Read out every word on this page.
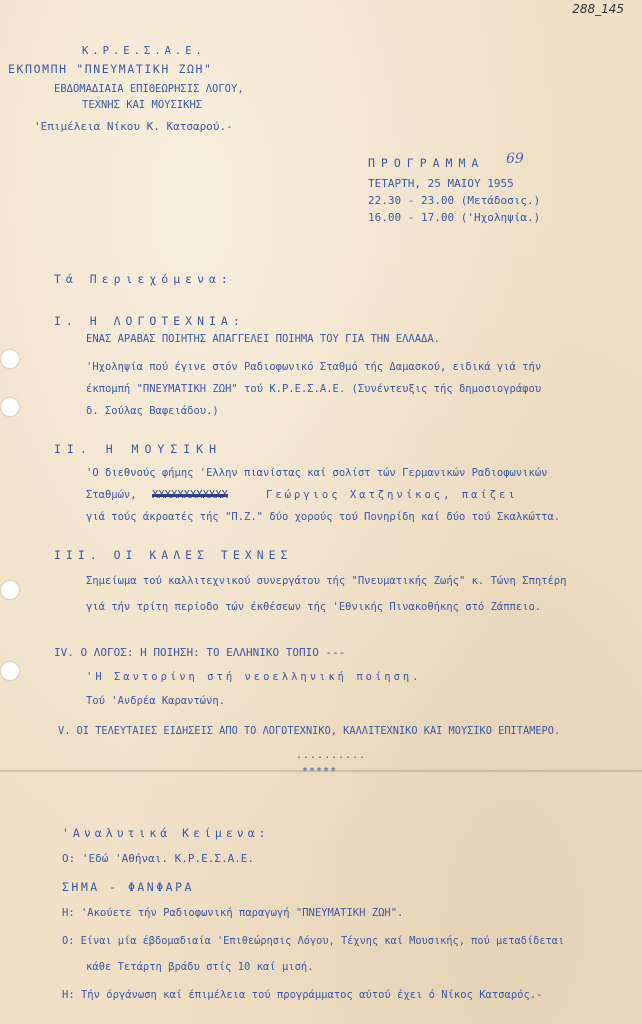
288_145
Κ.Ρ.Ε.Σ.Α.Ε.
ΕΚΠΟΜΠΗ "ΠΝΕΥΜΑΤΙΚΗ ΖΩΗ"
ΕΒΔΟΜΑΔΙΑΙΑ ΕΠΙΘΕΩΡΗΣΙΣ ΛΟΓΟΥ,
ΤΕΧΝΗΣ ΚΑΙ ΜΟΥΣΙΚΗΣ
'Επιμέλεια Νίκου Κ. Κατσαρού.-
ΠΡΟΓΡΑΜΜΑ 69
ΤΕΤΑΡΤΗ, 25 ΜΑΙΟΥ 1955
22.30 - 23.00 (Μετάδοσις.)
16.00 - 17.00 ('Ηχοληψία.)
Τά Περιεχόμενα:
Ι. Η ΛΟΓΟΤΕΧΝΙΑ:
ΕΝΑΣ ΑΡΑΒΑΣ ΠΟΙΗΤΗΣ ΑΠΑΓΓΕΛΕΙ ΠΟΙΗΜΑ ΤΟΥ ΓΙΑ ΤΗΝ ΕΛΛΑΔΑ.
'Ηχοληψία πού έγινε στόν Ραδιοφωνικό Σταθμό τής Δαμασκού, ειδικά γιά τήν
έκπομπή "ΠΝΕΥΜΑΤΙΚΗ ΖΩΗ" τού Κ.Ρ.Ε.Σ.Α.Ε. (Συνέντευξις τής δημοσιογράφου
δ. Σούλας Βαφειάδου.)
ΙΙ. Η ΜΟΥΣΙΚΗ
'Ο διεθνούς φήμης 'Ελλην πιανίστας καί σολίστ τών Γερμανικών Ραδιοφωνικών
Σταθμών, ΧΧΧΧΧΧΧΧΧΧΧΧ	Γεώργιος Χατζηνίκος, παίζει
γιά τούς άκροατές τής "Π.Ζ." δύο χορούς τού Πονηρίδη καί δύο τού Σκαλκώττα.
ΙΙΙ. ΟΙ ΚΑΛΕΣ ΤΕΧΝΕΣ
Σημείωμα τού καλλιτεχνικού συνεργάτου τής "Πνευματικής Ζωής" κ. Τώνη Σπητέρη
γιά τήν τρίτη περίοδο τών έκθέσεων τής 'Εθνικής Πινακοθήκης στό Ζάππειο.
ΙV. Ο ΛΟΓΟΣ: Η ΠΟΙΗΣΗ: ΤΟ ΕΛΛΗΝΙΚΟ ΤΟΠΙΟ ---
'Η Σαντορίνη στή νεοελληνική ποίηση.
Τού 'Ανδρέα Καραντώνη.
V. ΟΙ ΤΕΛΕΥΤΑΙΕΣ ΕΙΔΗΣΕΙΣ ΑΠΟ ΤΟ ΛΟΓΟΤΕΧΝΙΚΟ, ΚΑΛΛΙΤΕΧΝΙΚΟ ΚΑΙ ΜΟΥΣΙΚΟ ΕΠΙΤΑΜΕΡΟ.
..........
*****
'Αναλυτικά Κείμενα:
Ο: 'Εδώ 'Αθήναι. Κ.Ρ.Ε.Σ.Α.Ε.
ΣΗΜΑ - ΦΑΝΦΑΡΑ
Η: 'Ακούετε τήν Ραδιοφωνική παραγωγή "ΠΝΕΥΜΑΤΙΚΗ ΖΩΗ".
Ο: Είναι μία έβδομαδιαία 'Επιθεώρησις Λόγου, Τέχνης καί Μουσικής, πού μεταδίδεται
κάθε Τετάρτη βράδυ στίς 10 καί μισή.
Η: Τήν όργάνωση καί έπιμέλεια τού προγράμματος αύτού έχει ό Νίκος Κατσαρός.-
